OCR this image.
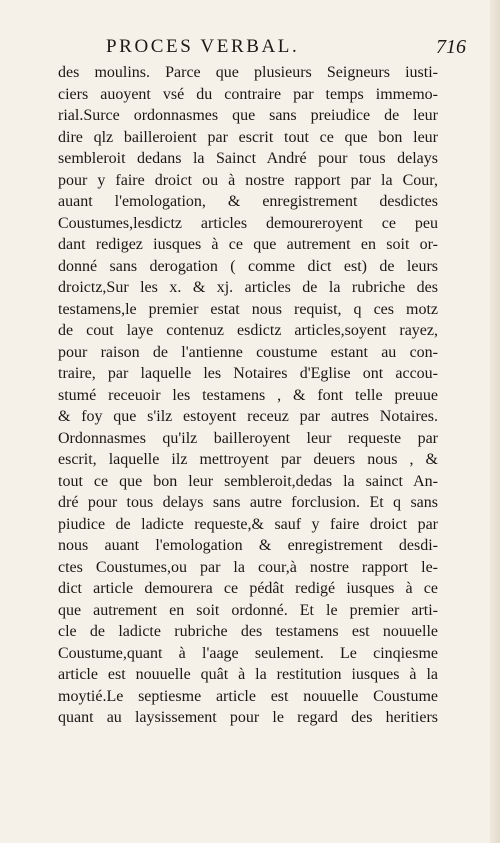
PROCES VERBAL.	716
des moulins. Parce que plusieurs Seigneurs iusti-
ciers auoyent vsé du contraire par temps immemo-
rial.Surce ordonnasmes que sans preiudice de leur
dire qlz bailleroient par escrit tout ce que bon leur
sembleroit dedans la Sainct André pour tous delays
pour y faire droict ou à nostre rapport par la Cour,
auant l'emologation, & enregistrement desdictes
Coustumes,lesdictz articles demoureroyent ce peu
dant redigez iusques à ce que autrement en soit or-
donné sans derogation ( comme dict est) de leurs
droictz,Sur les x. & xj. articles de la rubriche des
testamens,le premier estat nous requist, q ces motz
de cout laye contenuz esdictz articles,soyent rayez,
pour raison de l'antienne coustume estant au con-
traire, par laquelle les Notaires d'Eglise ont accou-
stumé receuoir les testamens , & font telle preuue
& foy que s'ilz estoyent receuz par autres Notaires.
Ordonnasmes qu'ilz bailleroyent leur requeste par
escrit, laquelle ilz mettroyent par deuers nous , &
tout ce que bon leur sembleroit,dedas la sainct An-
dré pour tous delays sans autre forclusion. Et q sans
piudice de ladicte requeste,& sauf y faire droict par
nous auant l'emologation & enregistrement desdi-
ctes Coustumes,ou par la cour,à nostre rapport le-
dict article demourera ce pédât redigé iusques à ce
que autrement en soit ordonné. Et le premier arti-
cle de ladicte rubriche des testamens est nouuelle
Coustume,quant à l'aage seulement. Le cinqiesme
article est nouuelle quât à la restitution iusques à la
moytié.Le septiesme article est nouuelle Coustume
quant au laysissement pour le regard des heritiers
